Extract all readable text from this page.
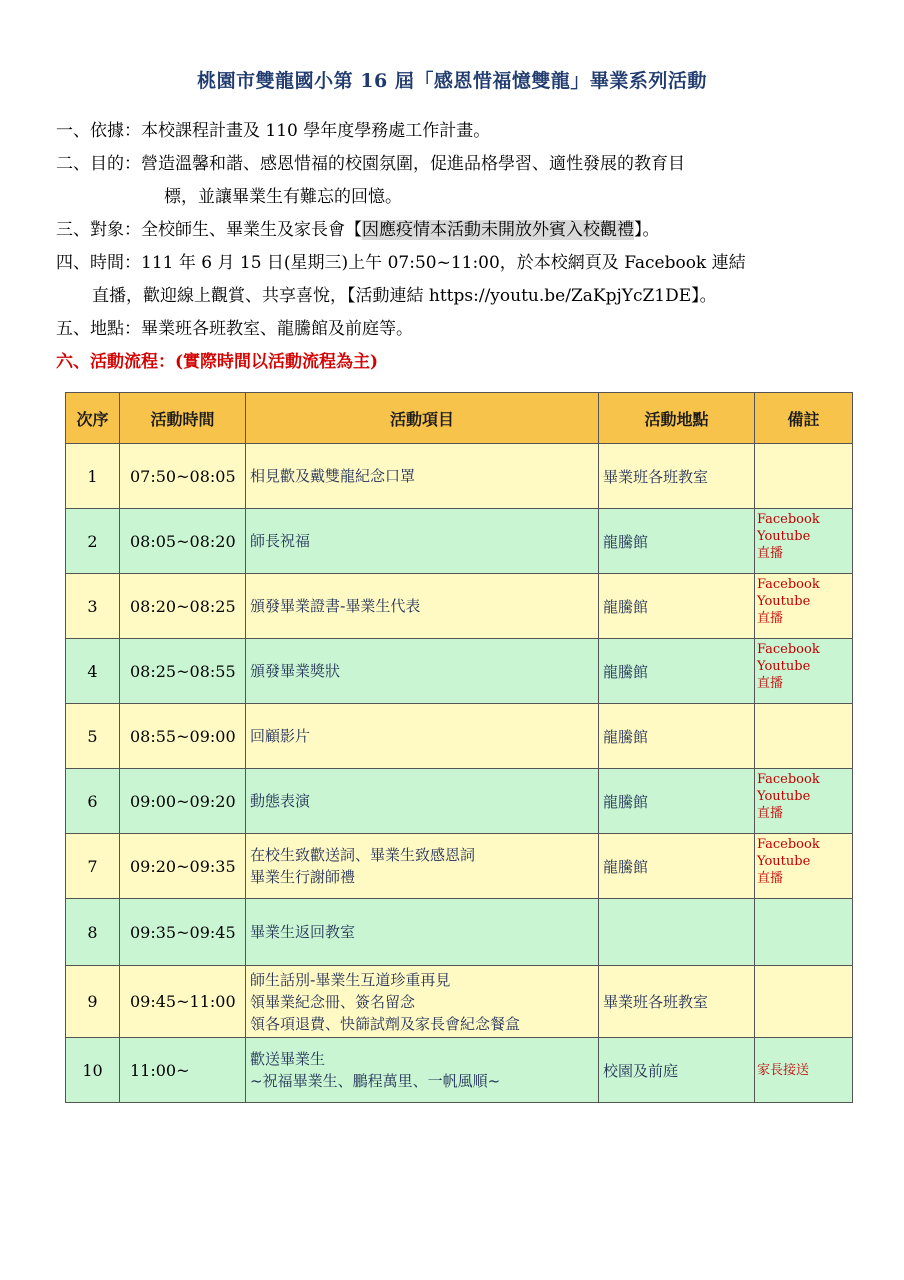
桃園市雙龍國小第 16 屆「感恩惜福憶雙龍」畢業系列活動
一、依據：本校課程計畫及 110 學年度學務處工作計畫。
二、目的：營造溫馨和諧、感恩惜福的校園氛圍，促進品格學習、適性發展的教育目
標，並讓畢業生有難忘的回憶。
三、對象：全校師生、畢業生及家長會【因應疫情本活動未開放外賓入校觀禮】。
四、時間：111 年 6 月 15 日(星期三)上午 07:50~11:00，於本校網頁及 Facebook 連結
直播，歡迎線上觀賞、共享喜悅，【活動連結 https://youtu.be/ZaKpjYcZ1DE】。
五、地點：畢業班各班教室、龍騰館及前庭等。
六、活動流程：(實際時間以活動流程為主)
次序	活動時間	活動項目	活動地點	備註
1	07:50~08:05	相見歡及戴雙龍紀念口罩	畢業班各班教室	
2	08:05~08:20	師長祝福	龍騰館	Facebook
Youtube
直播
3	08:20~08:25	頒發畢業證書-畢業生代表	龍騰館	Facebook
Youtube
直播
4	08:25~08:55	頒發畢業獎狀	龍騰館	Facebook
Youtube
直播
5	08:55~09:00	回顧影片	龍騰館	
6	09:00~09:20	動態表演	龍騰館	Facebook
Youtube
直播
7	09:20~09:35	在校生致歡送詞、畢業生致感恩詞
畢業生行謝師禮	龍騰館	Facebook
Youtube
直播
8	09:35~09:45	畢業生返回教室		
9	09:45~11:00	師生話別-畢業生互道珍重再見
領畢業紀念冊、簽名留念
領各項退費、快篩試劑及家長會紀念餐盒	畢業班各班教室	
10	11:00~	歡送畢業生
~祝福畢業生、鵬程萬里、一帆風順~	校園及前庭	家長接送
